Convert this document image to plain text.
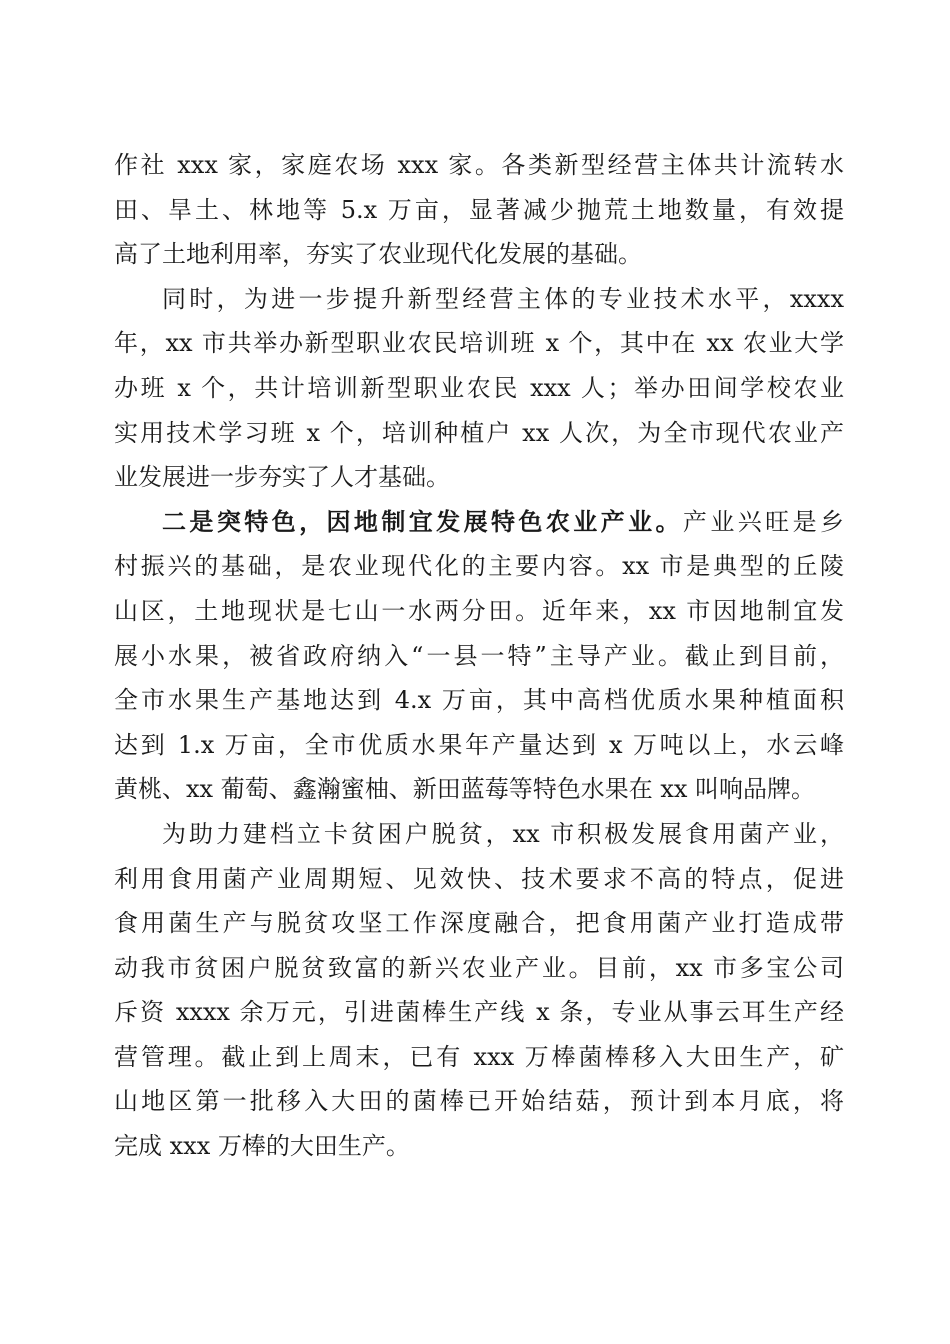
作社 xxx 家，家庭农场 xxx 家。各类新型经营主体共计流转水
田、旱土、林地等 5.x 万亩，显著减少抛荒土地数量，有效提
高了土地利用率，夯实了农业现代化发展的基础。
同时，为进一步提升新型经营主体的专业技术水平，xxxx
年，xx 市共举办新型职业农民培训班 x 个，其中在 xx 农业大学
办班 x 个，共计培训新型职业农民 xxx 人；举办田间学校农业
实用技术学习班 x 个，培训种植户 xx 人次，为全市现代农业产
业发展进一步夯实了人才基础。
二是突特色，因地制宜发展特色农业产业。产业兴旺是乡
村振兴的基础，是农业现代化的主要内容。xx 市是典型的丘陵
山区，土地现状是七山一水两分田。近年来，xx 市因地制宜发
展小水果，被省政府纳入“一县一特”主导产业。截止到目前，
全市水果生产基地达到 4.x 万亩，其中高档优质水果种植面积
达到 1.x 万亩，全市优质水果年产量达到 x 万吨以上，水云峰
黄桃、xx 葡萄、鑫瀚蜜柚、新田蓝莓等特色水果在 xx 叫响品牌。
为助力建档立卡贫困户脱贫，xx 市积极发展食用菌产业，
利用食用菌产业周期短、见效快、技术要求不高的特点，促进
食用菌生产与脱贫攻坚工作深度融合，把食用菌产业打造成带
动我市贫困户脱贫致富的新兴农业产业。目前，xx 市多宝公司
斥资 xxxx 余万元，引进菌棒生产线 x 条，专业从事云耳生产经
营管理。截止到上周末，已有 xxx 万棒菌棒移入大田生产，矿
山地区第一批移入大田的菌棒已开始结菇，预计到本月底，将
完成 xxx 万棒的大田生产。
